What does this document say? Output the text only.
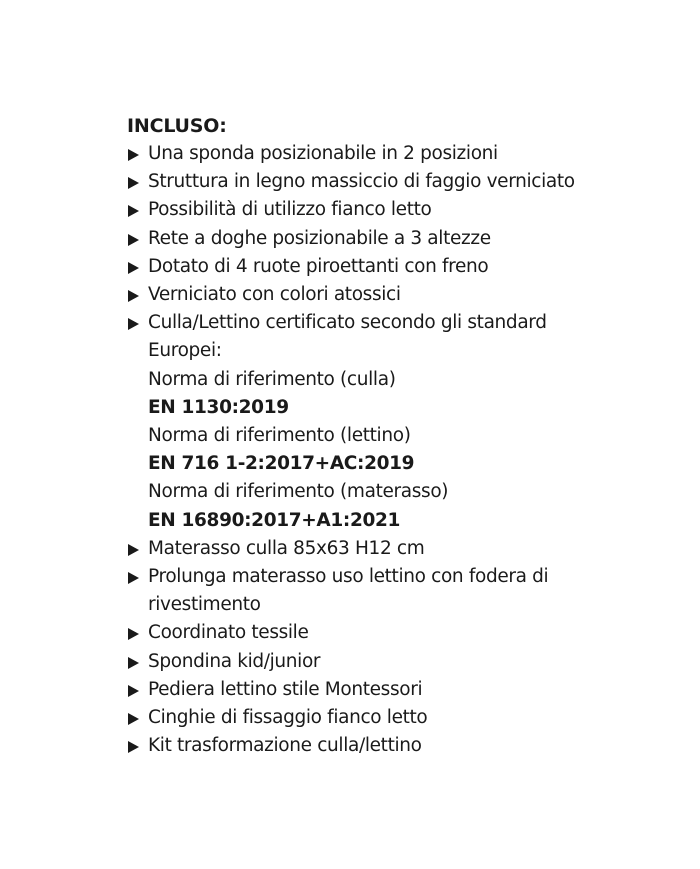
INCLUSO:

Una sponda posizionabile in 2 posizioni
Struttura in legno massiccio di faggio verniciato
Possibilità di utilizzo fianco letto
Rete a doghe posizionabile a 3 altezze
Dotato di 4 ruote piroettanti con freno
Verniciato con colori atossici
Culla/Lettino certificato secondo gli standard
Europei:
Norma di riferimento (culla)
EN 1130:2019
Norma di riferimento (lettino)
EN 716 1-2:2017+AC:2019
Norma di riferimento (materasso)
EN 16890:2017+A1:2021
Materasso culla 85x63 H12 cm
Prolunga materasso uso lettino con fodera di
rivestimento
Coordinato tessile
Spondina kid/junior
Pediera lettino stile Montessori
Cinghie di fissaggio fianco letto
Kit trasformazione culla/lettino
